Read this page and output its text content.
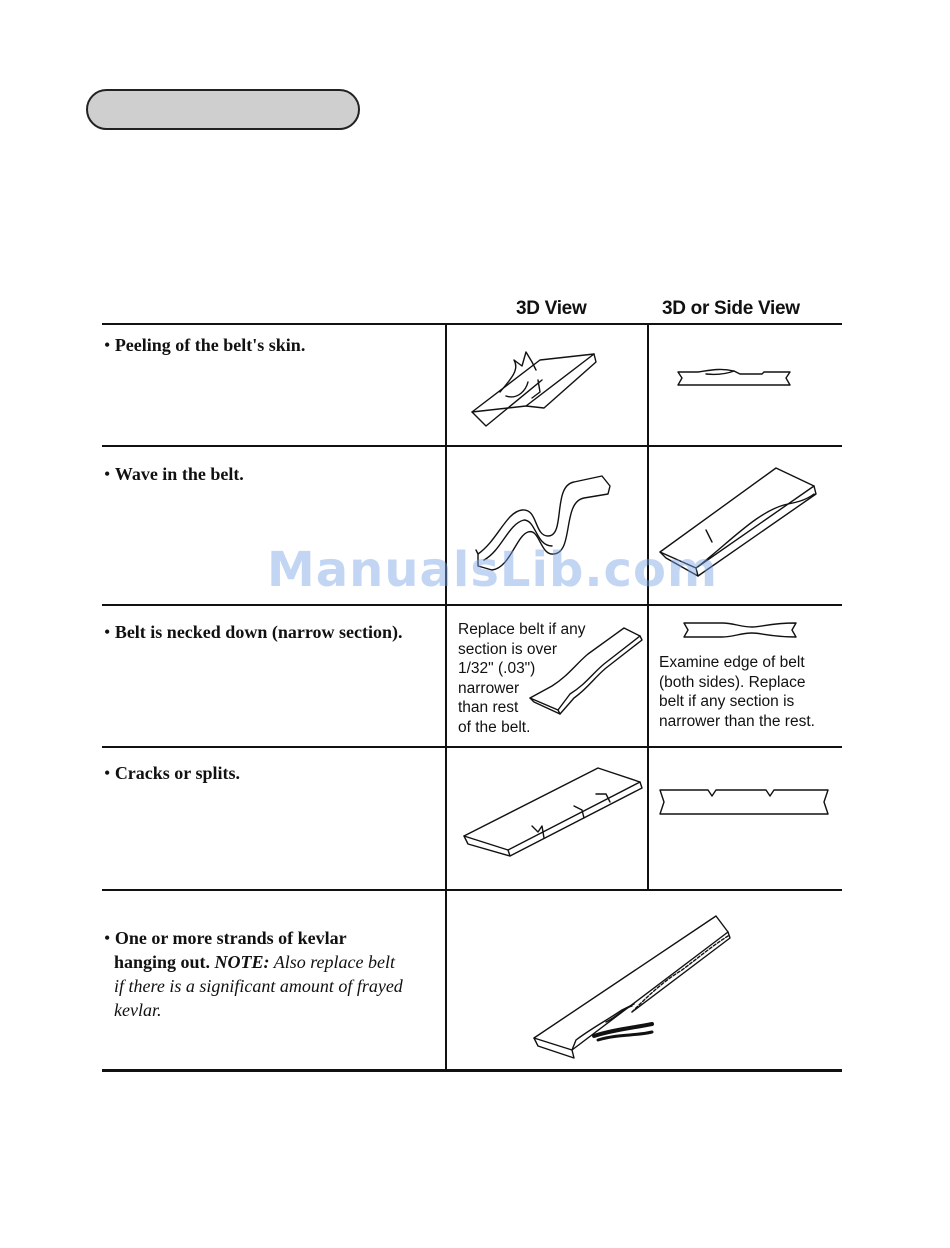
3D View	3D or Side View
• Peeling of the belt's skin.
• Wave in the belt.
• Belt is necked down (narrow section).	Replace belt if any
section is over
1/32" (.03")
narrower
than rest
of the belt.
Examine edge of belt
(both sides). Replace
belt if any section is
narrower than the rest.
• Cracks or splits.
• One or more strands of kevlar
hanging out. NOTE: Also replace belt
if there is a significant amount of frayed
kevlar.
ManualsLib.com
